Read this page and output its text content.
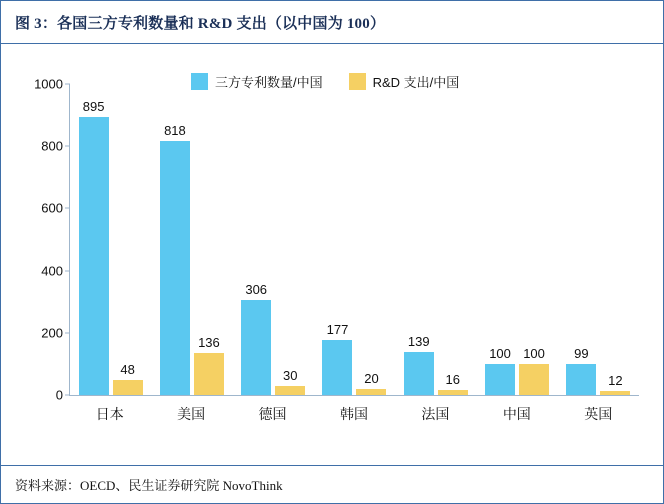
图 3：各国三方专利数量和 R&D 支出（以中国为 100）
三方专利数量/中国	R&D 支出/中国
0
200
400
600
800
1000
895
48
818
136
306
30
177
20
139
16
100 100 99
12
日本	美国	德国	韩国	法国	中国	英国
资料来源：OECD、民生证券研究院 NovoThink
